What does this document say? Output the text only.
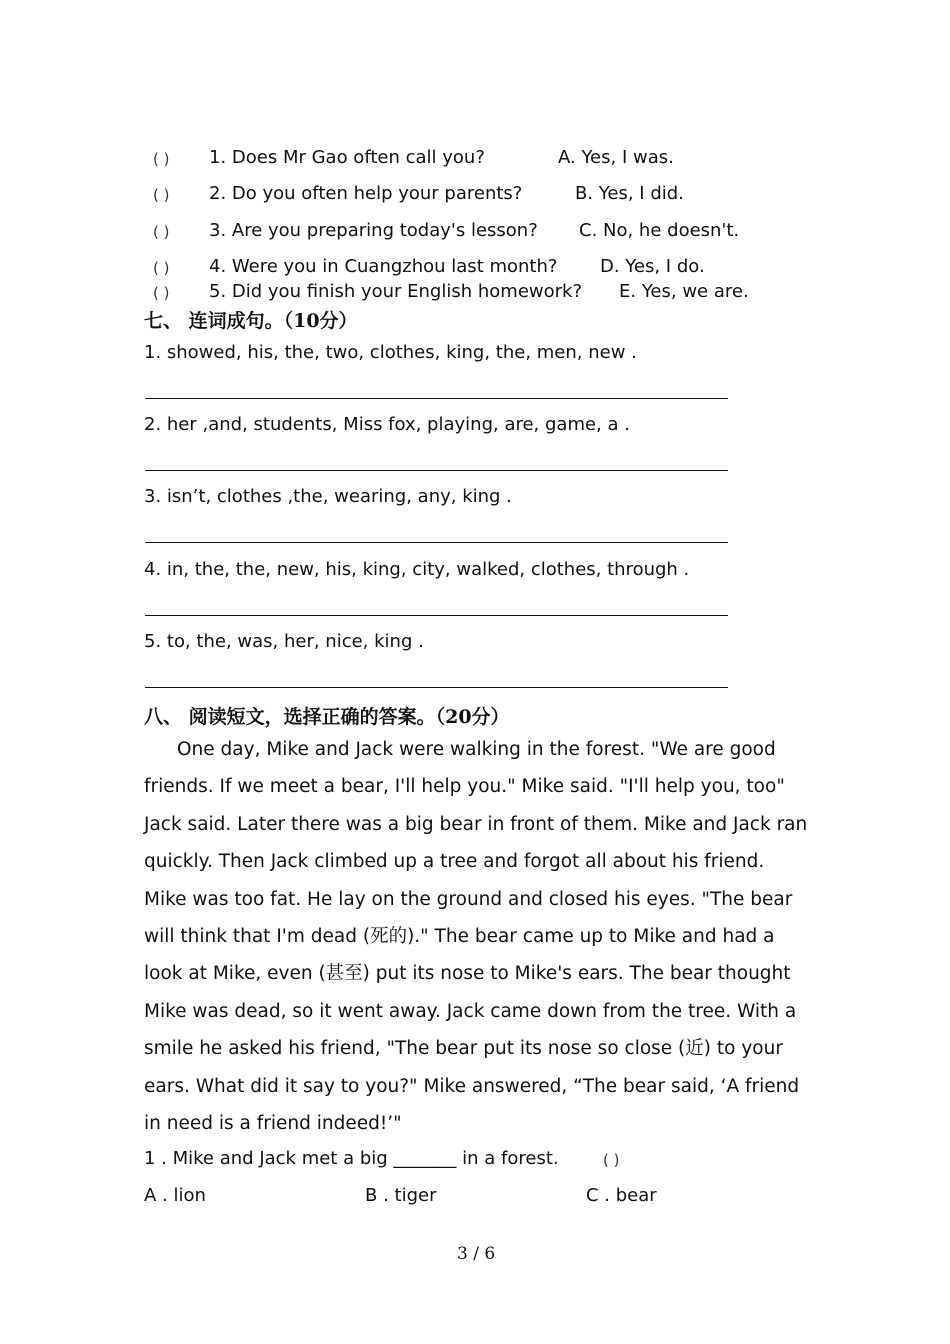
( ) 1. Does Mr Gao often call you?	A. Yes, I was.
( ) 2. Do you often help your parents?	B. Yes, I did.
( ) 3. Are you preparing today's lesson? C. No, he doesn't.
( ) 4. Were you in Cuangzhou last month? D. Yes, I do.
( ) 5. Did you finish your English homework? E. Yes, we are.
七、 连词成句。（10分）
1. showed, his, the, two, clothes, king, the, men, new .
2. her ,and, students, Miss fox, playing, are, game, a .
3. isn’t, clothes ,the, wearing, any, king .
4. in, the, the, new, his, king, city, walked, clothes, through .
5. to, the, was, her, nice, king .
八、 阅读短文，选择正确的答案。（20分）

One day, Mike and Jack were walking in the forest. "We are good friends. If we meet a bear, I'll help you." Mike said. "I'll help you, too" Jack said. Later there was a big bear in front of them. Mike and Jack ran quickly. Then Jack climbed up a tree and forgot all about his friend. Mike was too fat. He lay on the ground and closed his eyes. "The bear will think that I'm dead (死的)." The bear came up to Mike and had a look at Mike, even (甚至) put its nose to Mike's ears. The bear thought Mike was dead, so it went away. Jack came down from the tree. With a smile he asked his friend, "The bear put its nose so close (近) to your ears. What did it say to you?" Mike answered, “The bear said, ‘A friend in need is a friend indeed!’"

1 . Mike and Jack met a big _______ in a forest.	( )
A . lion	B . tiger	C . bear
3 / 6
